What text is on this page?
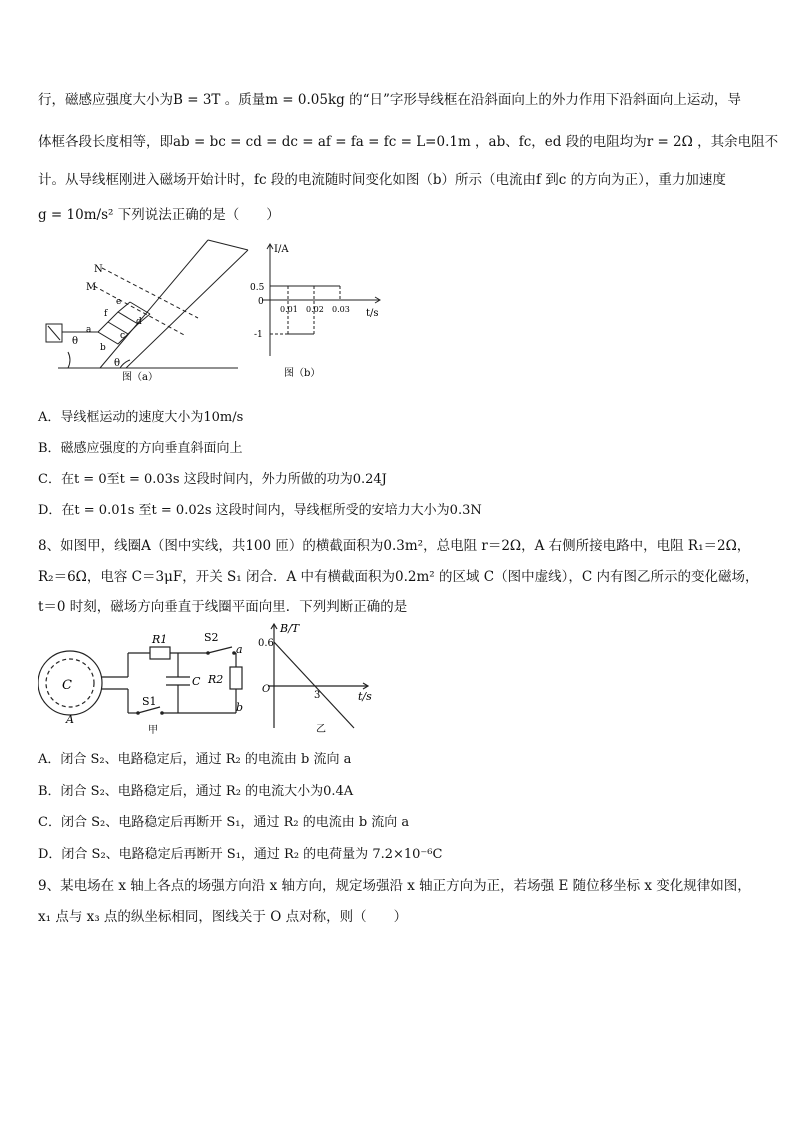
行，磁感应强度大小为B = 3T 。质量m = 0.05kg 的“日”字形导线框在沿斜面向上的外力作用下沿斜面向上运动，导
体框各段长度相等，即ab = bc = cd = dc = af = fa = fc = L=0.1m ，ab、fc，ed 段的电阻均为r = 2Ω ，其余电阻不
计。从导线框刚进入磁场开始计时，fc 段的电流随时间变化如图（b）所示（电流由f 到c 的方向为正），重力加速度
g = 10m/s² 下列说法正确的是（　　）
N
M
θ
θ
a
b
c
d
e
f
图（a）
I/A
t/s
0.5
0
-1
0.01 0.02 0.03
图（b）
A．导线框运动的速度大小为10m/s
B．磁感应强度的方向垂直斜面向上
C．在t = 0至t = 0.03s 这段时间内，外力所做的功为0.24J
D．在t = 0.01s 至t = 0.02s 这段时间内，导线框所受的安培力大小为0.3N
8、如图甲，线圈A（图中实线，共100 匝）的横截面积为0.3m²，总电阻 r＝2Ω，A 右侧所接电路中，电阻 R₁＝2Ω，
R₂＝6Ω，电容 C＝3μF，开关 S₁ 闭合．A 中有横截面积为0.2m² 的区域 C（图中虚线），C 内有图乙所示的变化磁场，
t＝0 时刻，磁场方向垂直于线圈平面向里．下列判断正确的是
C
A
R1	S2
a
C R2
S1	b
甲
B/T
t/s
0.6
3
O
乙
A．闭合 S₂、电路稳定后，通过 R₂ 的电流由 b 流向 a
B．闭合 S₂、电路稳定后，通过 R₂ 的电流大小为0.4A
C．闭合 S₂、电路稳定后再断开 S₁，通过 R₂ 的电流由 b 流向 a
D．闭合 S₂、电路稳定后再断开 S₁，通过 R₂ 的电荷量为 7.2×10⁻⁶C
9、某电场在 x 轴上各点的场强方向沿 x 轴方向，规定场强沿 x 轴正方向为正，若场强 E 随位移坐标 x 变化规律如图，
x₁ 点与 x₃ 点的纵坐标相同，图线关于 O 点对称，则（　　）
